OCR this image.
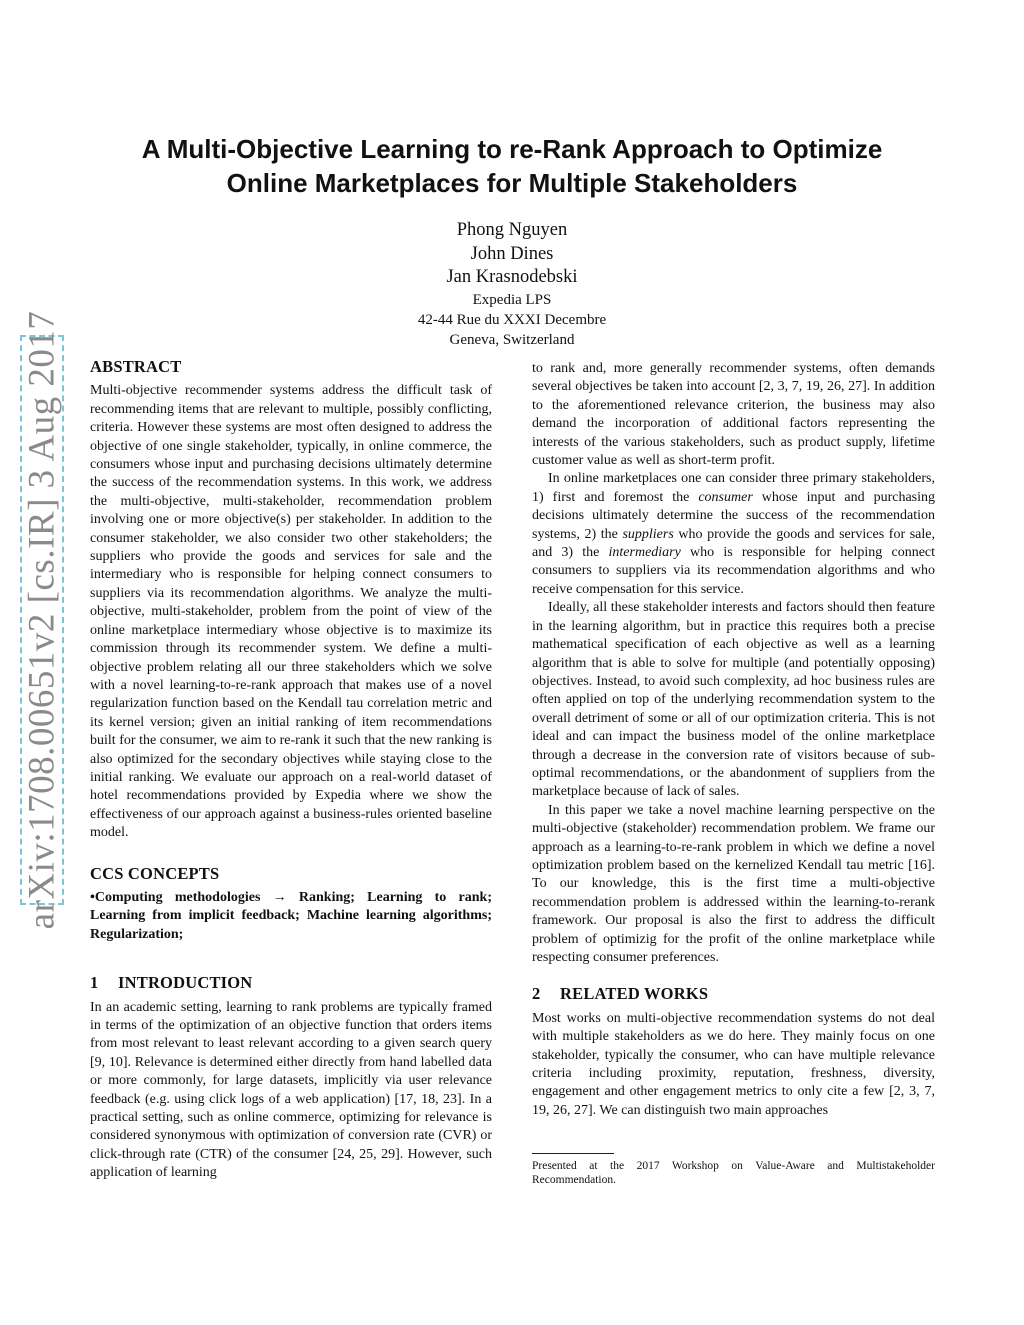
arXiv:1708.00651v2 [cs.IR] 3 Aug 2017
A Multi-Objective Learning to re-Rank Approach to Optimize
Online Marketplaces for Multiple Stakeholders
Phong Nguyen
John Dines
Jan Krasnodebski
Expedia LPS
42-44 Rue du XXXI Decembre
Geneva, Switzerland
ABSTRACT

Multi-objective recommender systems address the difficult task of recommending items that are relevant to multiple, possibly conflicting, criteria. However these systems are most often designed to address the objective of one single stakeholder, typically, in online commerce, the consumers whose input and purchasing decisions ultimately determine the success of the recommendation systems. In this work, we address the multi-objective, multi-stakeholder, recommendation problem involving one or more objective(s) per stakeholder. In addition to the consumer stakeholder, we also consider two other stakeholders; the suppliers who provide the goods and services for sale and the intermediary who is responsible for helping connect consumers to suppliers via its recommendation algorithms. We analyze the multi-objective, multi-stakeholder, problem from the point of view of the online marketplace intermediary whose objective is to maximize its commission through its recommender system. We define a multi-objective problem relating all our three stakeholders which we solve with a novel learning-to-re-rank approach that makes use of a novel regularization function based on the Kendall tau correlation metric and its kernel version; given an initial ranking of item recommendations built for the consumer, we aim to re-rank it such that the new ranking is also optimized for the secondary objectives while staying close to the initial ranking. We evaluate our approach on a real-world dataset of hotel recommendations provided by Expedia where we show the effectiveness of our approach against a business-rules oriented baseline model.

CCS CONCEPTS

•Computing methodologies → Ranking; Learning to rank; Learning from implicit feedback; Machine learning algorithms; Regularization;

1 INTRODUCTION

In an academic setting, learning to rank problems are typically framed in terms of the optimization of an objective function that orders items from most relevant to least relevant according to a given search query [9, 10]. Relevance is determined either directly from hand labelled data or more commonly, for large datasets, implicitly via user relevance feedback (e.g. using click logs of a web application) [17, 18, 23]. In a practical setting, such as online commerce, optimizing for relevance is considered synonymous with optimization of conversion rate (CVR) or click-through rate (CTR) of the consumer [24, 25, 29]. However, such application of learning

to rank and, more generally recommender systems, often demands several objectives be taken into account [2, 3, 7, 19, 26, 27]. In addition to the aforementioned relevance criterion, the business may also demand the incorporation of additional factors representing the interests of the various stakeholders, such as product supply, lifetime customer value as well as short-term profit.

In online marketplaces one can consider three primary stakeholders, 1) first and foremost the consumer whose input and purchasing decisions ultimately determine the success of the recommendation systems, 2) the suppliers who provide the goods and services for sale, and 3) the intermediary who is responsible for helping connect consumers to suppliers via its recommendation algorithms and who receive compensation for this service.

Ideally, all these stakeholder interests and factors should then feature in the learning algorithm, but in practice this requires both a precise mathematical specification of each objective as well as a learning algorithm that is able to solve for multiple (and potentially opposing) objectives. Instead, to avoid such complexity, ad hoc business rules are often applied on top of the underlying recommendation system to the overall detriment of some or all of our optimization criteria. This is not ideal and can impact the business model of the online marketplace through a decrease in the conversion rate of visitors because of sub-optimal recommendations, or the abandonment of suppliers from the marketplace because of lack of sales.

In this paper we take a novel machine learning perspective on the multi-objective (stakeholder) recommendation problem. We frame our approach as a learning-to-re-rank problem in which we define a novel optimization problem based on the kernelized Kendall tau metric [16]. To our knowledge, this is the first time a multi-objective recommendation problem is addressed within the learning-to-rerank framework. Our proposal is also the first to address the difficult problem of optimizig for the profit of the online marketplace while respecting consumer preferences.

2 RELATED WORKS

Most works on multi-objective recommendation systems do not deal with multiple stakeholders as we do here. They mainly focus on one stakeholder, typically the consumer, who can have multiple relevance criteria including proximity, reputation, freshness, diversity, engagement and other engagement metrics to only cite a few [2, 3, 7, 19, 26, 27]. We can distinguish two main approaches

Presented at the 2017 Workshop on Value-Aware and Multistakeholder Recommendation.
